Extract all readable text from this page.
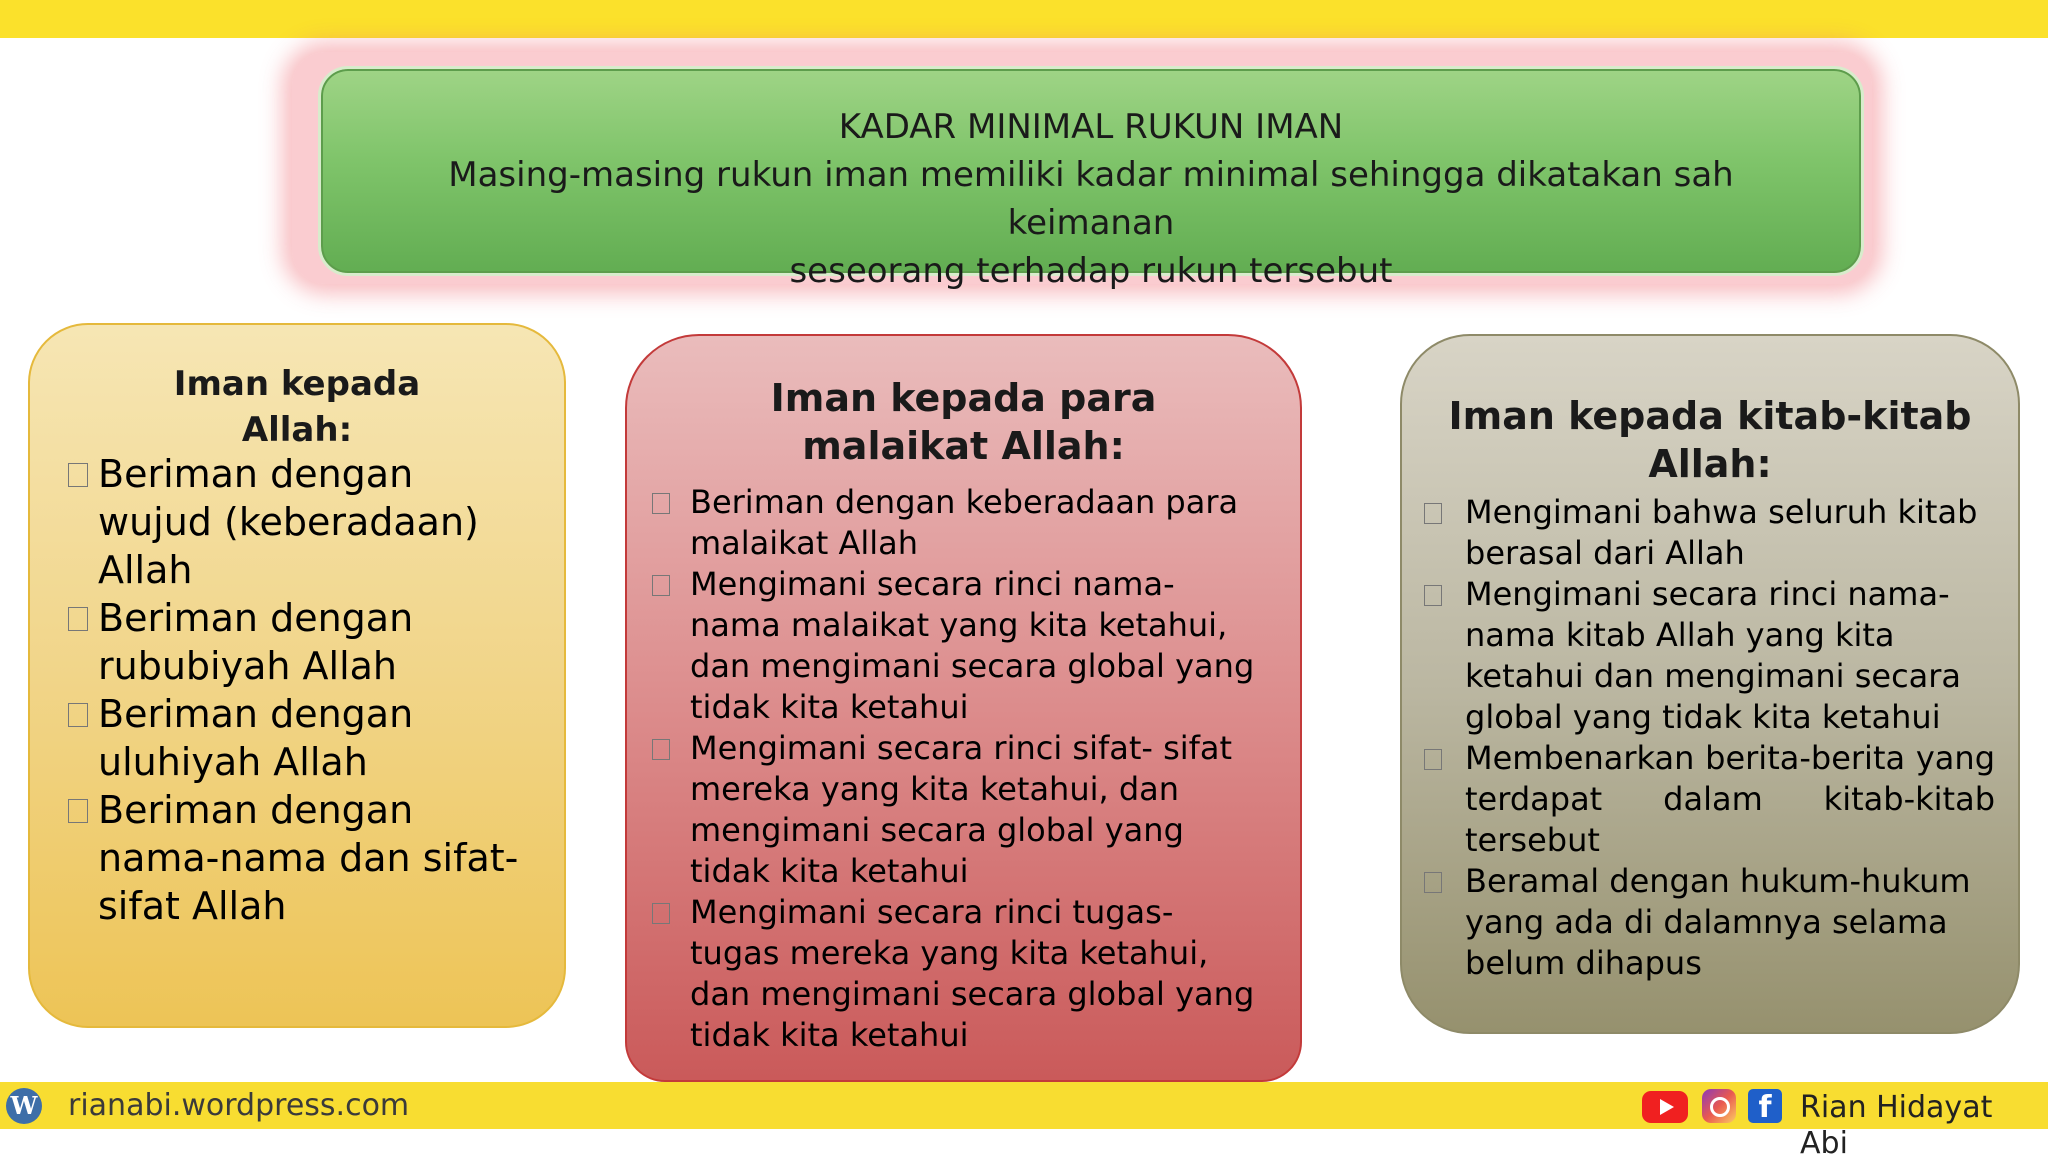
KADAR MINIMAL RUKUN IMAN
Masing-masing rukun iman memiliki kadar minimal sehingga dikatakan sah keimanan
seseorang terhadap rukun tersebut
Iman kepada
Allah:
Beriman dengan wujud (keberadaan) Allah
Beriman dengan rububiyah Allah
Beriman dengan uluhiyah Allah
Beriman dengan nama-nama dan sifat-sifat Allah
Iman kepada para
malaikat Allah:
Beriman dengan keberadaan para malaikat Allah
Mengimani secara rinci nama- nama malaikat yang kita ketahui, dan mengimani secara global yang tidak kita ketahui
Mengimani secara rinci sifat- sifat mereka yang kita ketahui, dan mengimani secara global yang tidak kita ketahui
Mengimani secara rinci tugas- tugas mereka yang kita ketahui, dan mengimani secara global yang tidak kita ketahui
Iman kepada kitab-kitab
Allah:
Mengimani bahwa seluruh kitab berasal dari Allah
Mengimani secara rinci nama-nama kitab Allah yang kita ketahui dan mengimani secara global yang tidak kita ketahui
Membenarkan berita-berita yang terdapat dalam kitab-kitab tersebut
Beramal dengan hukum-hukum yang ada di dalamnya selama belum dihapus
W rianabi.wordpress.com	f Rian Hidayat Abi
